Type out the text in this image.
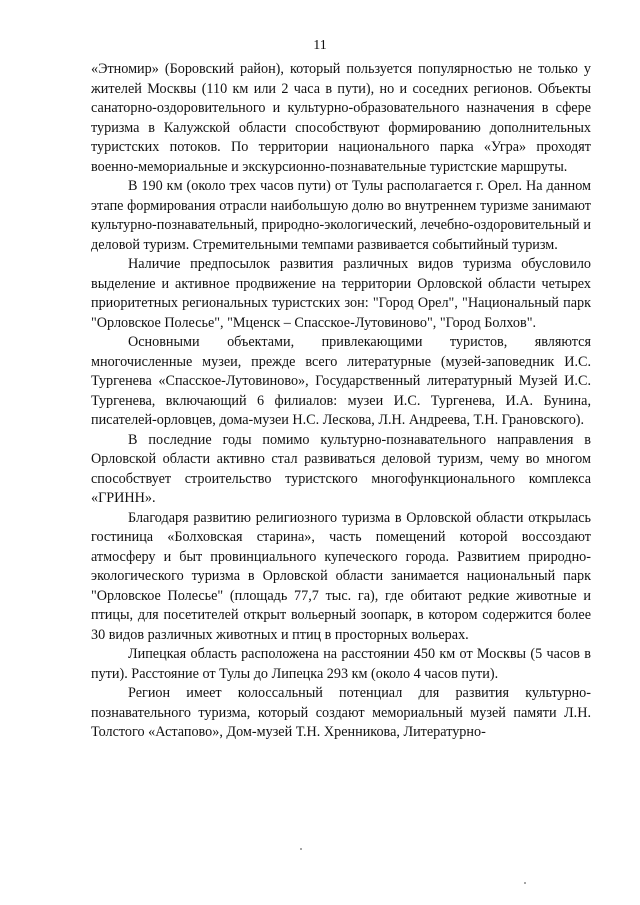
11

«Этномир» (Боровский район), который пользуется популярностью не только у жителей Москвы (110 км или 2 часа в пути), но и соседних регионов. Объекты санаторно-оздоровительного и культурно-образовательного назначения в сфере туризма в Калужской области способствуют формированию дополнительных туристских потоков. По территории национального парка «Угра» проходят военно-мемориальные и экскурсионно-познавательные туристские маршруты.

В 190 км (около трех часов пути) от Тулы располагается г. Орел. На данном этапе формирования отрасли наибольшую долю во внутреннем туризме занимают культурно-познавательный, природно-экологический, лечебно-оздоровительный и деловой туризм. Стремительными темпами развивается событийный туризм.

Наличие предпосылок развития различных видов туризма обусловило выделение и активное продвижение на территории Орловской области четырех приоритетных региональных туристских зон: "Город Орел", "Национальный парк "Орловское Полесье", "Мценск – Спасское-Лутовиново", "Город Болхов".

Основными объектами, привлекающими туристов, являются многочисленные музеи, прежде всего литературные (музей-заповедник И.С. Тургенева «Спасское-Лутовиново», Государственный литературный Музей И.С. Тургенева, включающий 6 филиалов: музеи И.С. Тургенева, И.А. Бунина, писателей-орловцев, дома-музеи Н.С. Лескова, Л.Н. Андреева, Т.Н. Грановского).

В последние годы помимо культурно-познавательного направления в Орловской области активно стал развиваться деловой туризм, чему во многом способствует строительство туристского многофункционального комплекса «ГРИНН».

Благодаря развитию религиозного туризма в Орловской области открылась гостиница «Болховская старина», часть помещений которой воссоздают атмосферу и быт провинциального купеческого города. Развитием природно-экологического туризма в Орловской области занимается национальный парк "Орловское Полесье" (площадь 77,7 тыс. га), где обитают редкие животные и птицы, для посетителей открыт вольерный зоопарк, в котором содержится более 30 видов различных животных и птиц в просторных вольерах.

Липецкая область расположена на расстоянии 450 км от Москвы (5 часов в пути). Расстояние от Тулы до Липецка 293 км (около 4 часов пути).

Регион имеет колоссальный потенциал для развития культурно-познавательного туризма, который создают мемориальный музей памяти Л.Н. Толстого «Астапово», Дом-музей Т.Н. Хренникова, Литературно-
